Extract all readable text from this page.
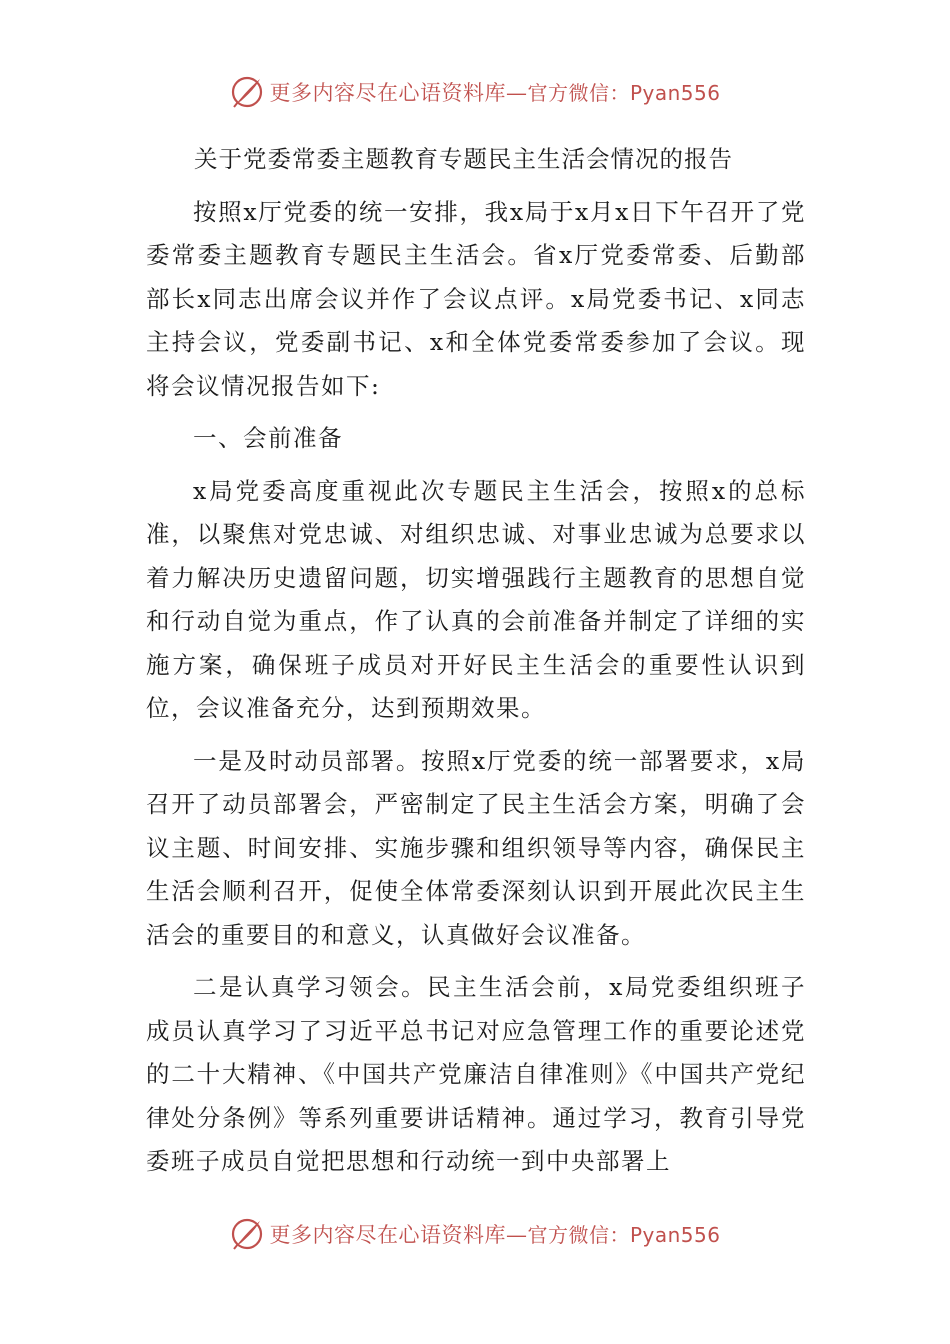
更多内容尽在心语资料库—官方微信：Pyan556

关于党委常委主题教育专题民主生活会情况的报告

按照x厅党委的统一安排，我x局于x月x日下午召开了党委常委主题教育专题民主生活会。省x厅党委常委、后勤部部长x同志出席会议并作了会议点评。x局党委书记、x同志主持会议，党委副书记、x和全体党委常委参加了会议。现将会议情况报告如下:

一、会前准备

x局党委高度重视此次专题民主生活会，按照x的总标准，以聚焦对党忠诚、对组织忠诚、对事业忠诚为总要求以着力解决历史遗留问题，切实增强践行主题教育的思想自觉和行动自觉为重点，作了认真的会前准备并制定了详细的实施方案，确保班子成员对开好民主生活会的重要性认识到位，会议准备充分，达到预期效果。

一是及时动员部署。按照x厅党委的统一部署要求，x局召开了动员部署会，严密制定了民主生活会方案，明确了会议主题、时间安排、实施步骤和组织领导等内容，确保民主生活会顺利召开，促使全体常委深刻认识到开展此次民主生活会的重要目的和意义，认真做好会议准备。

二是认真学习领会。民主生活会前，x局党委组织班子成员认真学习了习近平总书记对应急管理工作的重要论述党的二十大精神、《中国共产党廉洁自律准则》《中国共产党纪律处分条例》等系列重要讲话精神。通过学习，教育引导党委班子成员自觉把思想和行动统一到中央部署上

更多内容尽在心语资料库—官方微信：Pyan556
